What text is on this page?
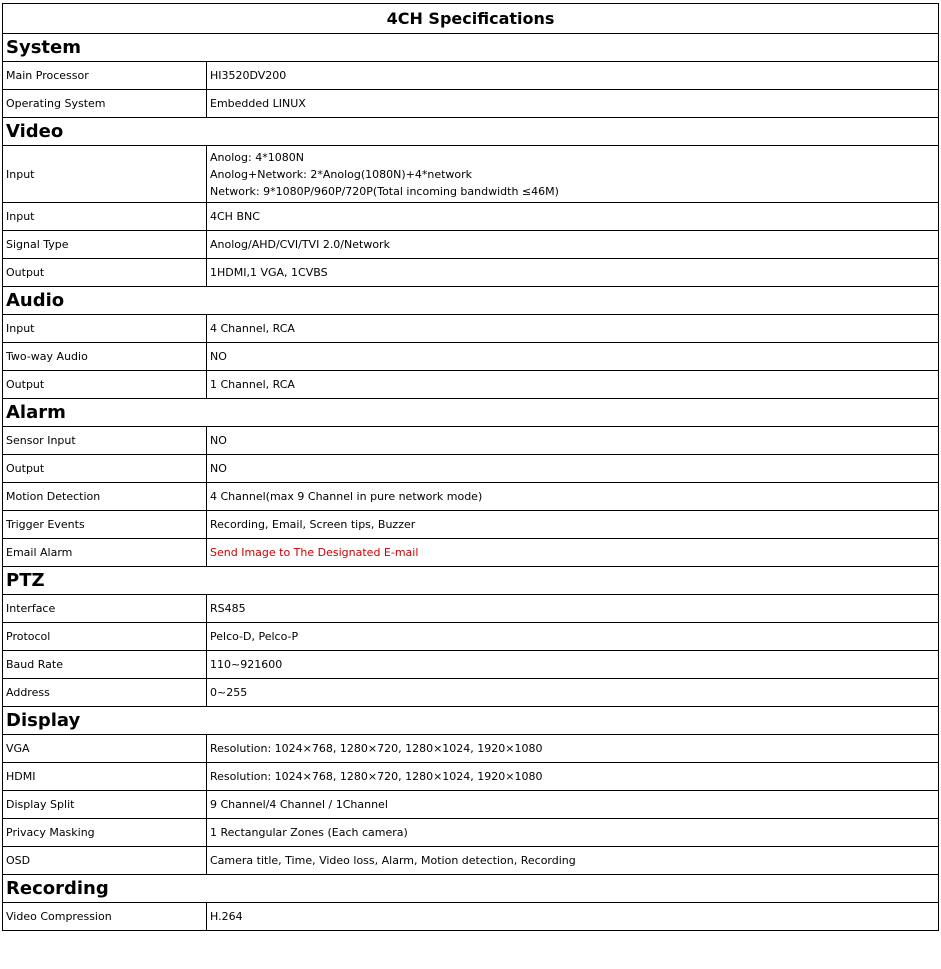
4CH Specifications	
System	
Main Processor	HI3520DV200

Operating System	Embedded LINUX

Video	
Input	Anolog: 4*1080N
Anolog+Network: 2*Anolog(1080N)+4*network
Network: 9*1080P/960P/720P(Total incoming bandwidth ≤46M)

Input	4CH BNC

Signal Type	Anolog/AHD/CVI/TVI 2.0/Network

Output	1HDMI,1 VGA, 1CVBS

Audio	
Input	4 Channel, RCA

Two-way Audio	NO

Output	1 Channel, RCA

Alarm	
Sensor Input	NO

Output	NO

Motion Detection	4 Channel(max 9 Channel in pure network mode)

Trigger Events	Recording, Email, Screen tips, Buzzer

Email Alarm	Send Image to The Designated E-mail

PTZ	
Interface	RS485

Protocol	Pelco-D, Pelco-P

Baud Rate	110~921600

Address	0~255

Display	
VGA	Resolution: 1024×768, 1280×720, 1280×1024, 1920×1080

HDMI	Resolution: 1024×768, 1280×720, 1280×1024, 1920×1080

Display Split	9 Channel/4 Channel / 1Channel

Privacy Masking	1 Rectangular Zones (Each camera)

OSD	Camera title, Time, Video loss, Alarm, Motion detection, Recording

Recording	
Video Compression	H.264
